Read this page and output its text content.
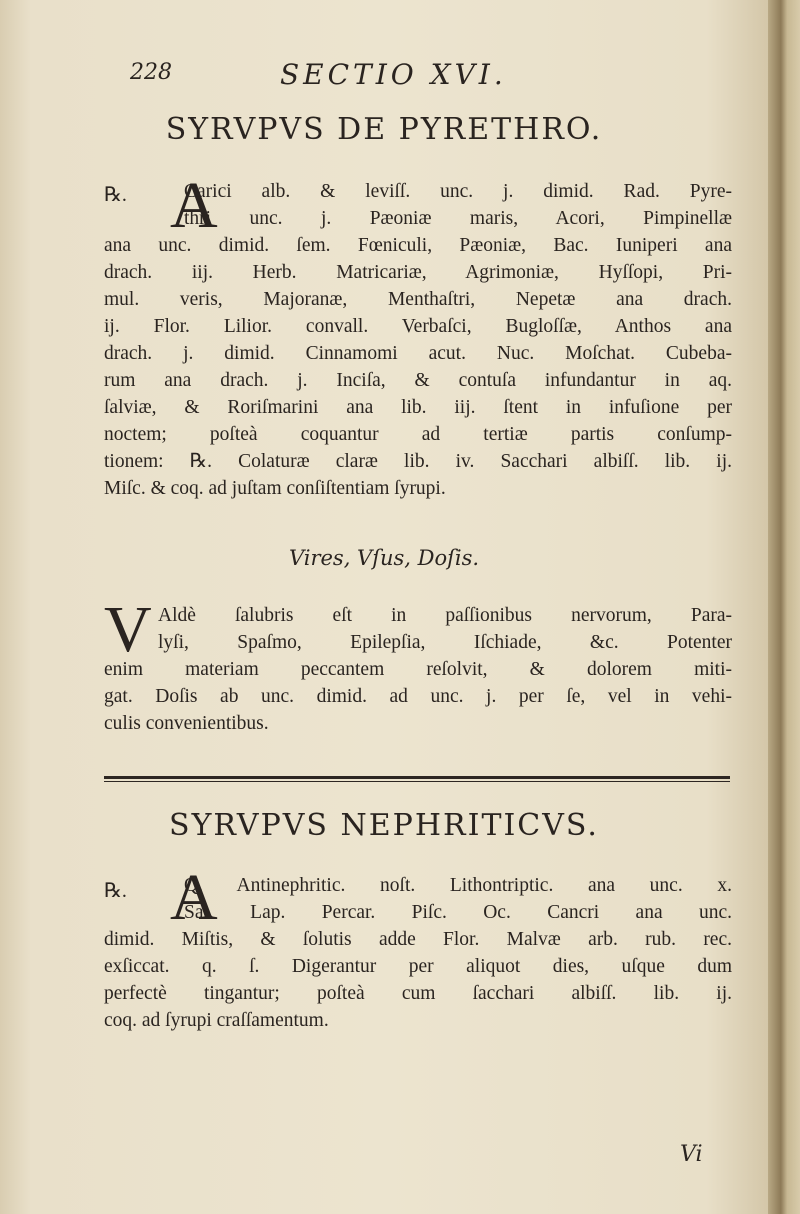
228	SECTIO XVI.
SYRVPVS DE PYRETHRO.
℞. A
Carici alb. & leviſſ. unc. j. dimid. Rad. Pyre-
thri unc. j. Pæoniæ maris, Acori, Pimpinellæ
ana unc. dimid. ſem. Fœniculi, Pæoniæ, Bac. Iuniperi ana
drach. iij. Herb. Matricariæ, Agrimoniæ, Hyſſopi, Pri-
mul. veris, Majoranæ, Menthaſtri, Nepetæ ana drach.
ij. Flor. Lilior. convall. Verbaſci, Bugloſſæ, Anthos ana
drach. j. dimid. Cinnamomi acut. Nuc. Moſchat. Cubeba-
rum ana drach. j. Inciſa, & contuſa infundantur in aq.
ſalviæ, & Roriſmarini ana lib. iij. ſtent in infuſione per
noctem; poſteà coquantur ad tertiæ partis conſump-
tionem: ℞. Colaturæ claræ lib. iv. Sacchari albiſſ. lib. ij.
Miſc. & coq. ad juſtam conſiſtentiam ſyrupi.
Vires, Vſus, Doſis.
V Aldè ſalubris eſt in paſſionibus nervorum, Para-
lyſi, Spaſmo, Epilepſia, Iſchiade, &c. Potenter
enim materiam peccantem reſolvit, & dolorem miti-
gat. Doſis ab unc. dimid. ad unc. j. per ſe, vel in vehi-
culis convenientibus.
SYRVPVS NEPHRITICVS.
℞. A
Q. Antinephritic. noſt. Lithontriptic. ana unc. x.
Sal. Lap. Percar. Piſc. Oc. Cancri ana unc.
dimid. Miſtis, & ſolutis adde Flor. Malvæ arb. rub. rec.
exſiccat. q. ſ. Digerantur per aliquot dies, uſque dum
perfectè tingantur; poſteà cum ſacchari albiſſ. lib. ij.
coq. ad ſyrupi craſſamentum.
Vi
